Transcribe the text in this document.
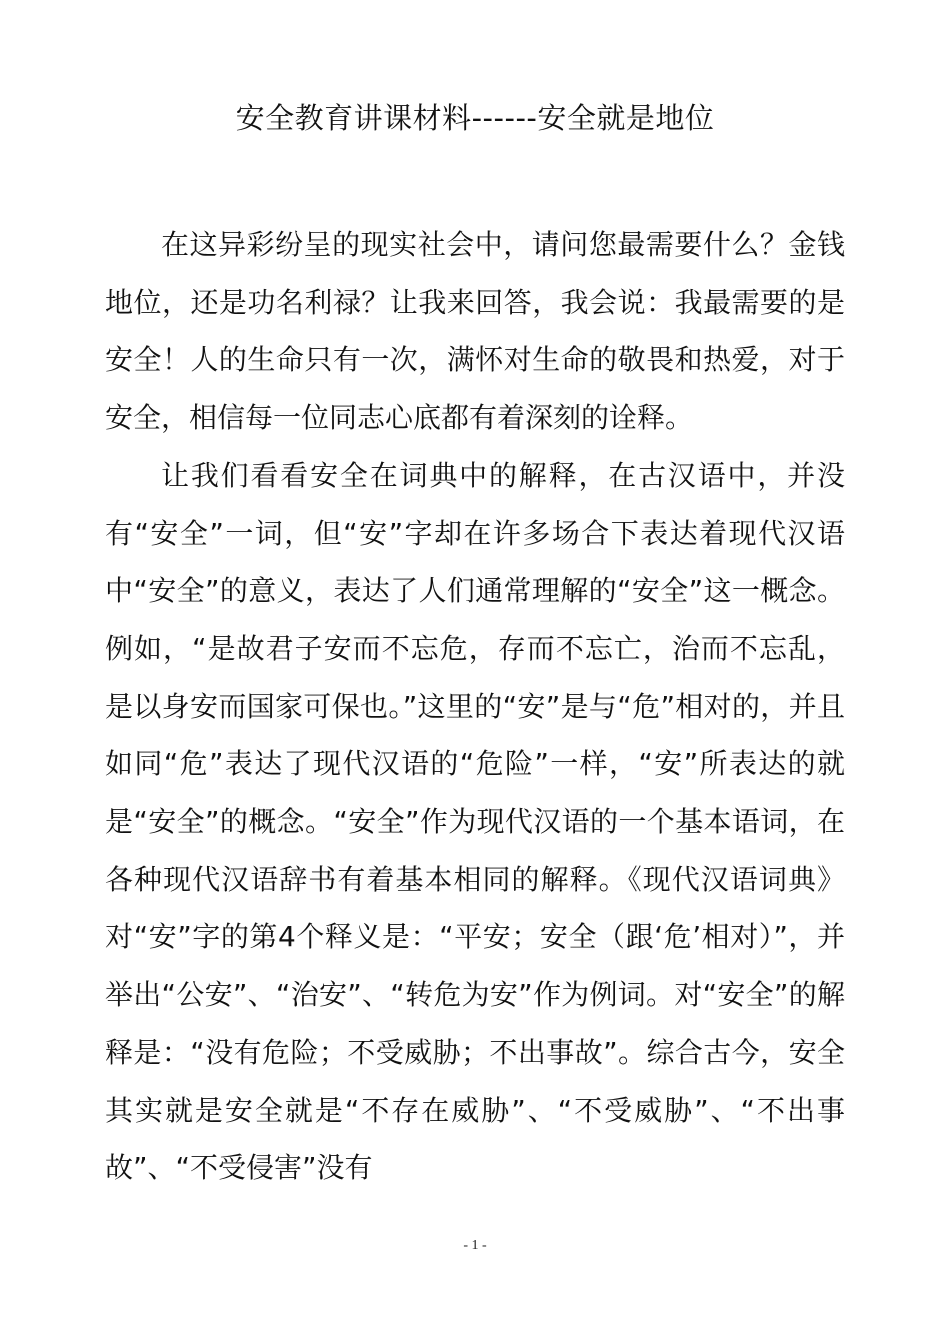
安全教育讲课材料------安全就是地位

在这异彩纷呈的现实社会中，请问您最需要什么？金钱地位，还是功名利禄？让我来回答，我会说：我最需要的是安全！人的生命只有一次，满怀对生命的敬畏和热爱，对于安全，相信每一位同志心底都有着深刻的诠释。

让我们看看安全在词典中的解释，在古汉语中，并没有“安全”一词，但“安”字却在许多场合下表达着现代汉语中“安全”的意义，表达了人们通常理解的“安全”这一概念。例如，“是故君子安而不忘危，存而不忘亡，治而不忘乱，是以身安而国家可保也。”这里的“安”是与“危”相对的，并且如同“危”表达了现代汉语的“危险”一样，“安”所表达的就是“安全”的概念。“安全”作为现代汉语的一个基本语词，在各种现代汉语辞书有着基本相同的解释。《现代汉语词典》对“安”字的第4个释义是：“平安；安全（跟‘危’相对）”，并举出“公安”、“治安”、“转危为安”作为例词。对“安全”的解释是：“没有危险；不受威胁；不出事故”。综合古今，安全其实就是安全就是“不存在威胁”、“不受威胁”、“不出事故”、“不受侵害”没有

- 1 -
